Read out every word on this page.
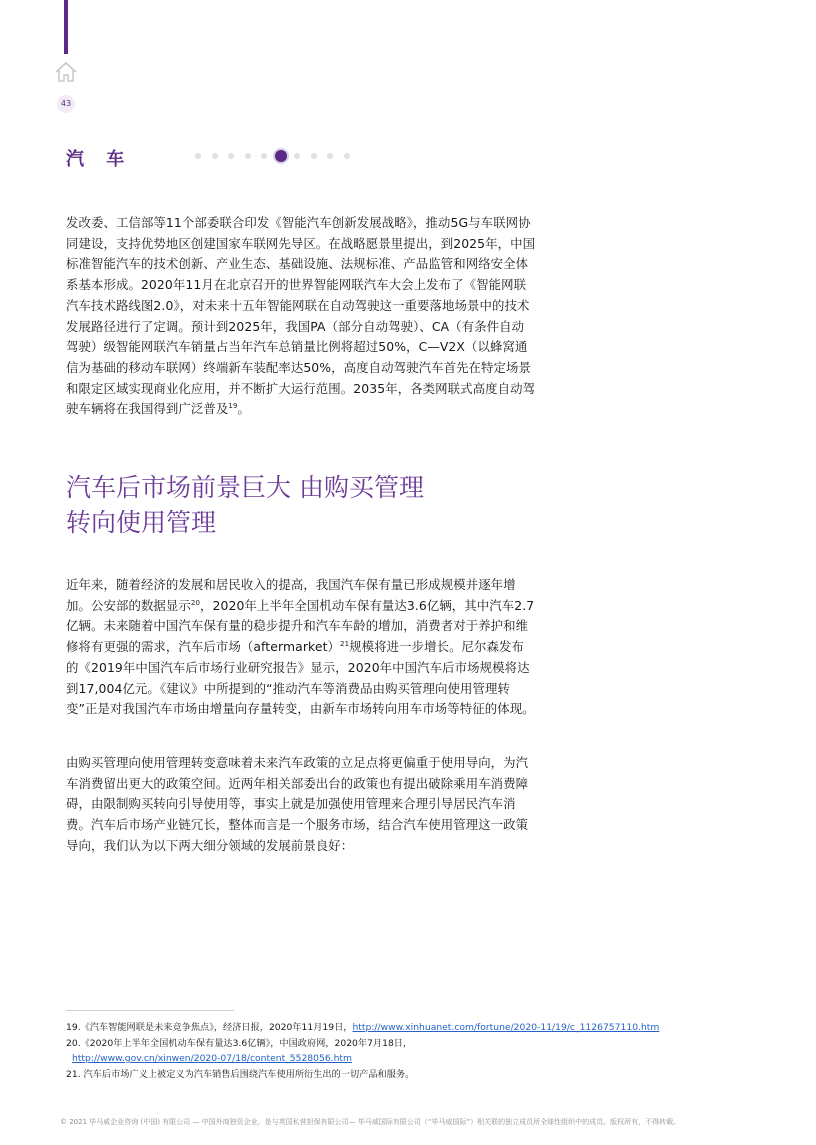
43
汽 车

发改委、工信部等11个部委联合印发《智能汽车创新发展战略》，推动5G与车联网协同建设，支持优势地区创建国家车联网先导区。在战略愿景里提出，到2025年，中国标准智能汽车的技术创新、产业生态、基础设施、法规标准、产品监管和网络安全体系基本形成。2020年11月在北京召开的世界智能网联汽车大会上发布了《智能网联汽车技术路线图2.0》，对未来十五年智能网联在自动驾驶这一重要落地场景中的技术发展路径进行了定调。预计到2025年，我国PA（部分自动驾驶）、CA（有条件自动驾驶）级智能网联汽车销量占当年汽车总销量比例将超过50%，C—V2X（以蜂窝通信为基础的移动车联网）终端新车装配率达50%，高度自动驾驶汽车首先在特定场景和限定区域实现商业化应用，并不断扩大运行范围。2035年，各类网联式高度自动驾驶车辆将在我国得到广泛普及$^{19}$。

汽车后市场前景巨大 由购买管理
转向使用管理

近年来，随着经济的发展和居民收入的提高，我国汽车保有量已形成规模并逐年增加。公安部的数据显示$^{20}$，2020年上半年全国机动车保有量达3.6亿辆，其中汽车2.7亿辆。未来随着中国汽车保有量的稳步提升和汽车车龄的增加，消费者对于养护和维修将有更强的需求，汽车后市场（aftermarket）$^{21}$规模将进一步增长。尼尔森发布的《2019年中国汽车后市场行业研究报告》显示，2020年中国汽车后市场规模将达到17,004亿元。《建议》中所提到的“推动汽车等消费品由购买管理向使用管理转变”正是对我国汽车市场由增量向存量转变，由新车市场转向用车市场等特征的体现。

由购买管理向使用管理转变意味着未来汽车政策的立足点将更偏重于使用导向，为汽车消费留出更大的政策空间。近两年相关部委出台的政策也有提出破除乘用车消费障碍，由限制购买转向引导使用等，事实上就是加强使用管理来合理引导居民汽车消费。汽车后市场产业链冗长，整体而言是一个服务市场，结合汽车使用管理这一政策导向，我们认为以下两大细分领域的发展前景良好：

19.《汽车智能网联是未来竞争焦点》，经济日报，2020年11月19日，http://www.xinhuanet.com/fortune/2020-11/19/c_1126757110.htm
20.《2020年上半年全国机动车保有量达3.6亿辆》，中国政府网，2020年7月18日，
http://www.gov.cn/xinwen/2020-07/18/content_5528056.htm
21. 汽车后市场广义上被定义为汽车销售后围绕汽车使用所衍生出的一切产品和服务。
© 2021 毕马威企业咨询 (中国) 有限公司 — 中国外商独资企业，是与英国私营担保有限公司— 毕马威国际有限公司（“毕马威国际”）相关联的独立成员所全球性组织中的成员。版权所有，不得转载。
